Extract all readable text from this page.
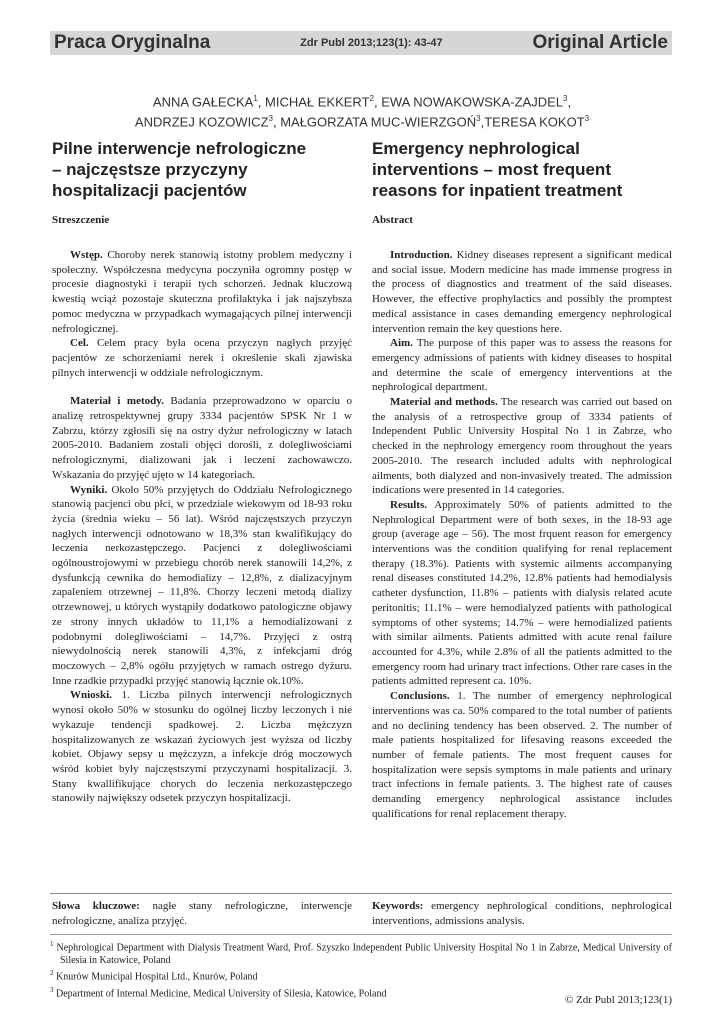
Praca Oryginalna	Zdr Publ 2013;123(1): 43-47	Original Article
ANNA GAŁECKA$^1$, MICHAŁ EKKERT$^2$, EWA NOWAKOWSKA-ZAJDEL$^3$,
ANDRZEJ KOZOWICZ$^3$, MAŁGORZATA MUC-WIERZGOŃ$^3$,TERESA KOKOT$^3$
Pilne interwencje nefrologiczne
– najczęstsze przyczyny
hospitalizacji pacjentów
Emergency nephrological
interventions – most frequent
reasons for inpatient treatment
Streszczenie	Abstract

Wstęp. Choroby nerek stanowią istotny problem medyczny i społeczny. Współczesna medycyna poczyniła ogromny postęp w procesie diagnostyki i terapii tych schorzeń. Jednak kluczową kwestią wciąż pozostaje skuteczna profilaktyka i jak najszybsza pomoc medyczna w przypadkach wymagających pilnej interwencji nefrologicznej.

Cel. Celem pracy była ocena przyczyn nagłych przyjęć pacjentów ze schorzeniami nerek i określenie skali zjawiska pilnych interwencji w oddziale nefrologicznym.

Materiał i metody. Badania przeprowadzono w oparciu o analizę retrospektywnej grupy 3334 pacjentów SPSK Nr 1 w Zabrzu, którzy zgłosili się na ostry dyżur nefrologiczny w latach 2005-2010. Badaniem zostali objęci dorośli, z dolegliwościami nefrologicznymi, dializowani jak i leczeni zachowawczo. Wskazania do przyjęć ujęto w 14 kategoriach.

Wyniki. Około 50% przyjętych do Oddziału Nefrologicznego stanowią pacjenci obu płci, w przedziale wiekowym od 18-93 roku życia (średnia wieku – 56 lat). Wśród najczęstszych przyczyn nagłych interwencji odnotowano w 18,3% stan kwalifikujący do leczenia nerkozastępczego. Pacjenci z dolegliwościami ogólnoustrojowymi w przebiegu chorób nerek stanowili 14,2%, z dysfunkcją cewnika do hemodializy – 12,8%, z dializacyjnym zapaleniem otrzewnej – 11,8%. Chorzy leczeni metodą dializy otrzewnowej, u których wystąpiły dodatkowo patologiczne objawy ze strony innych układów to 11,1% a hemodializowani z podobnymi dolegliwościami – 14,7%. Przyjęci z ostrą niewydolnością nerek stanowili 4,3%, z infekcjami dróg moczowych – 2,8% ogółu przyjętych w ramach ostrego dyżuru. Inne rzadkie przypadki przyjęć stanowią łącznie ok.10%.

Wnioski. 1. Liczba pilnych interwencji nefrologicznych wynosi około 50% w stosunku do ogólnej liczby leczonych i nie wykazuje tendencji spadkowej. 2. Liczba mężczyzn hospitalizowanych ze wskazań życiowych jest wyższa od liczby kobiet. Objawy sepsy u mężczyzn, a infekcje dróg moczowych wśród kobiet były najczęstszymi przyczynami hospitalizacji. 3. Stany kwallifikujące chorych do leczenia nerkozastępczego stanowiły największy odsetek przyczyn hospitalizacji.

Introduction. Kidney diseases represent a significant medical and social issue. Modern medicine has made immense progress in the process of diagnostics and treatment of the said diseases. However, the effective prophylactics and possibly the promptest medical assistance in cases demanding emergency nephrological intervention remain the key questions here.

Aim. The purpose of this paper was to assess the reasons for emergency admissions of patients with kidney diseases to hospital and determine the scale of emergency interventions at the nephrological department.

Material and methods. The research was carried out based on the analysis of a retrospective group of 3334 patients of Independent Public University Hospital No 1 in Zabrze, who checked in the nephrology emergency room throughout the years 2005-2010. The research included adults with nephrological ailments, both dialyzed and non-invasively treated. The admission indications were presented in 14 categories.

Results. Approximately 50% of patients admitted to the Nephrological Department were of both sexes, in the 18-93 age group (average age – 56). The most frquent reason for emergency interventions was the condition qualifying for renal replacement therapy (18.3%). Patients with systemic ailments accompanying renal diseases constituted 14.2%, 12.8% patients had hemodialysis catheter dysfunction, 11.8% – patients with dialysis related acute peritonitis; 11.1% – were hemodialyzed patients with pathological symptoms of other systems; 14.7% – were hemodialized patients with similar ailments. Patients admitted with acute renal failure accounted for 4.3%, while 2.8% of all the patients admitted to the emergency room had urinary tract infections. Other rare cases in the patients admitted represent ca. 10%.

Conclusions. 1. The number of emergency nephrological interventions was ca. 50% compared to the total number of patients and no declining tendency has been observed. 2. The number of male patients hospitalized for lifesaving reasons exceeded the number of female patients. The most frequent causes for hospitalization were sepsis symptoms in male patients and urinary tract infections in female patients. 3. The highest rate of causes demanding emergency nephrological assistance includes qualifications for renal replacement therapy.

Słowa kluczowe: nagłe stany nefrologiczne, interwencje nefrologiczne, analiza przyjęć.
Keywords: emergency nephrological conditions, nephrological interventions, admissions analysis.
$^1$ Nephrological Department with Dialysis Treatment Ward, Prof. Szyszko Independent Public University Hospital No 1 in Zabrze, Medical University of Silesia in Katowice, Poland
$^2$ Knurów Municipal Hospital Ltd., Knurów, Poland
$^3$ Department of Internal Medicine, Medical University of Silesia, Katowice, Poland
© Zdr Publ 2013;123(1)
